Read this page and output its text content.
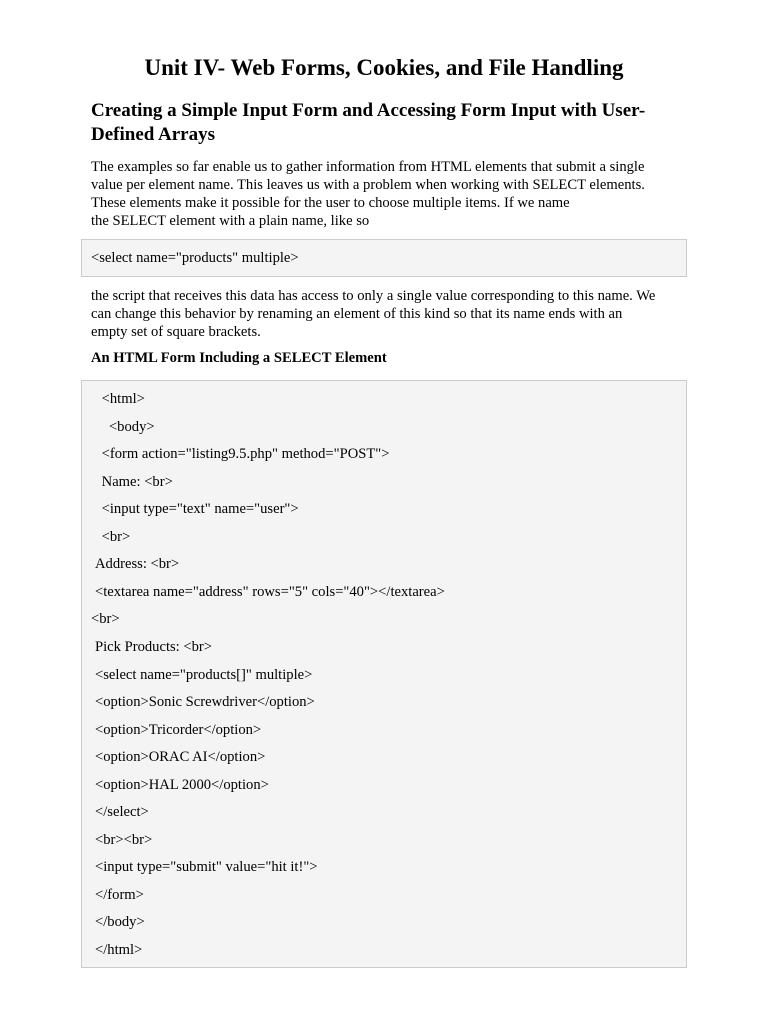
Unit IV- Web Forms, Cookies, and File Handling
Creating a Simple Input Form and Accessing Form Input with User-Defined Arrays

The examples so far enable us to gather information from HTML elements that submit a single
value per element name. This leaves us with a problem when working with SELECT elements.
These elements make it possible for the user to choose multiple items. If we name
the SELECT element with a plain name, like so

<select name="products" multiple>

the script that receives this data has access to only a single value corresponding to this name. We
can change this behavior by renaming an element of this kind so that its name ends with an
empty set of square brackets.

An HTML Form Including a SELECT Element
<html>
<body>
<form action="listing9.5.php" method="POST">
Name: <br>
<input type="text" name="user">
<br>
Address: <br>
<textarea name="address" rows="5" cols="40"></textarea>
<br>
Pick Products: <br>
<select name="products[]" multiple>
<option>Sonic Screwdriver</option>
<option>Tricorder</option>
<option>ORAC AI</option>
<option>HAL 2000</option>
</select>
<br><br>
<input type="submit" value="hit it!">
</form>
</body>
</html>
